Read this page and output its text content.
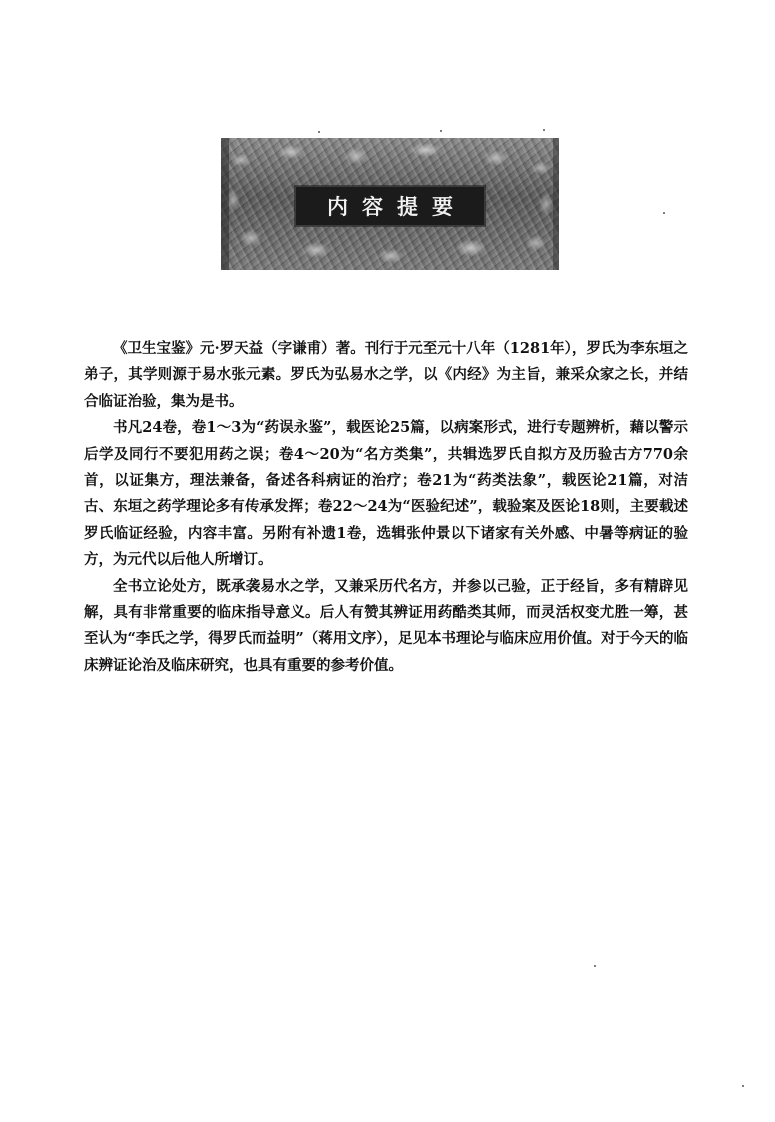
内容提要

《卫生宝鉴》元·罗天益（字谦甫）著。刊行于元至元十八年（1281年），罗氏为李东垣之弟子，其学则源于易水张元素。罗氏为弘易水之学，以《内经》为主旨，兼采众家之长，并结合临证治验，集为是书。

书凡24卷，卷1～3为“药误永鉴”，载医论25篇，以病案形式，进行专题辨析，藉以警示后学及同行不要犯用药之误；卷4～20为“名方类集”，共辑选罗氏自拟方及历验古方770余首，以证集方，理法兼备，备述各科病证的治疗；卷21为“药类法象”，载医论21篇，对洁古、东垣之药学理论多有传承发挥；卷22～24为“医验纪述”，载验案及医论18则，主要载述罗氏临证经验，内容丰富。另附有补遗1卷，选辑张仲景以下诸家有关外感、中暑等病证的验方，为元代以后他人所增订。

全书立论处方，既承袭易水之学，又兼采历代名方，并参以己验，正于经旨，多有精辟见解，具有非常重要的临床指导意义。后人有赞其辨证用药酷类其师，而灵活权变尤胜一筹，甚至认为“李氏之学，得罗氏而益明”（蒋用文序），足见本书理论与临床应用价值。对于今天的临床辨证论治及临床研究，也具有重要的参考价值。
